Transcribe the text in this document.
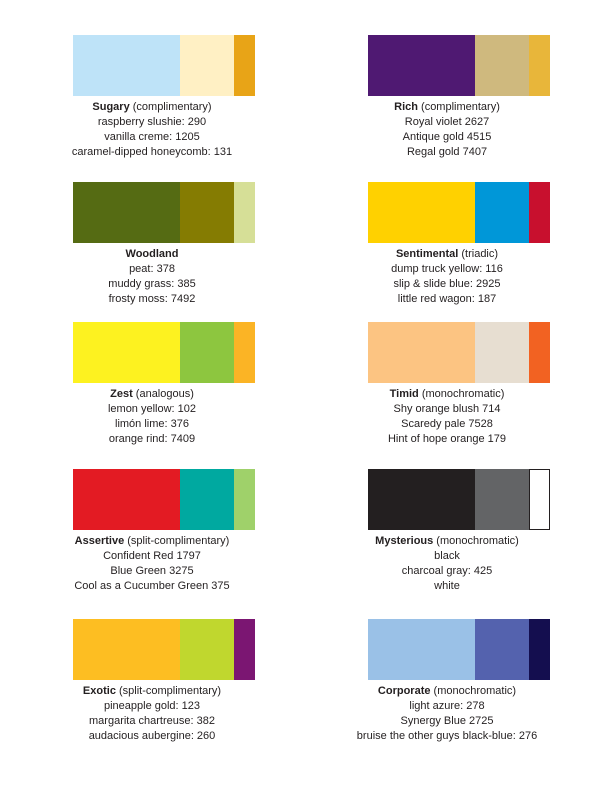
Sugary (complimentary)
raspberry slushie: 290
vanilla creme: 1205
caramel-dipped honeycomb: 131
Rich (complimentary)
Royal violet 2627
Antique gold 4515
Regal gold 7407
Woodland
peat: 378
muddy grass: 385
frosty moss: 7492
Sentimental (triadic)
dump truck yellow: 116
slip & slide blue: 2925
little red wagon: 187
Zest (analogous)
lemon yellow: 102
limón lime: 376
orange rind: 7409
Timid (monochromatic)
Shy orange blush 714
Scaredy pale 7528
Hint of hope orange 179
Assertive (split-complimentary)
Confident Red 1797
Blue Green 3275
Cool as a Cucumber Green 375
Mysterious (monochromatic)
black
charcoal gray: 425
white
Exotic (split-complimentary)
pineapple gold: 123
margarita chartreuse: 382
audacious aubergine: 260
Corporate (monochromatic)
light azure: 278
Synergy Blue 2725
bruise the other guys black-blue: 276
